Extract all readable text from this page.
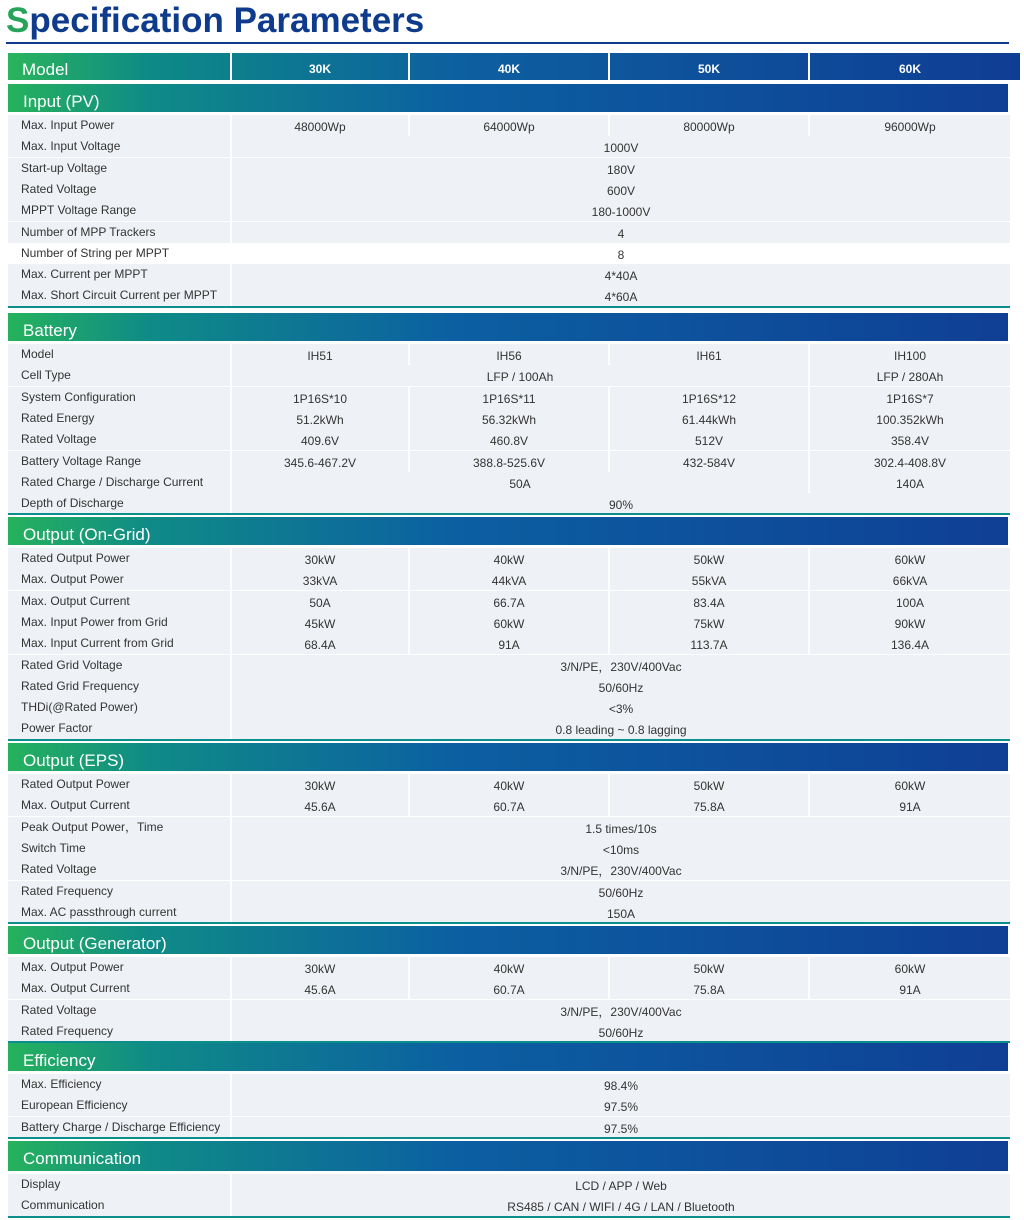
Specification Parameters
Model	30K	40K	50K	60K
Input (PV)
Max. Input Power	48000Wp	64000Wp	80000Wp	96000Wp
Max. Input Voltage	1000V
Start-up Voltage	180V
Rated Voltage	600V
MPPT Voltage Range	180-1000V
Number of MPP Trackers	4
Number of String per MPPT	8
Max. Current per MPPT	4*40A
Max. Short Circuit Current per MPPT	4*60A
Battery
Model	IH51	IH56	IH61	IH100
Cell Type	LFP / 100Ah	LFP / 280Ah
System Configuration	1P16S*10	1P16S*11	1P16S*12	1P16S*7
Rated Energy	51.2kWh	56.32kWh	61.44kWh	100.352kWh
Rated Voltage	409.6V	460.8V	512V	358.4V
Battery Voltage Range	345.6-467.2V	388.8-525.6V	432-584V	302.4-408.8V
Rated Charge / Discharge Current	50A	140A
Depth of Discharge	90%
Output (On-Grid)
Rated Output Power	30kW	40kW	50kW	60kW
Max. Output Power	33kVA	44kVA	55kVA	66kVA
Max. Output Current	50A	66.7A	83.4A	100A
Max. Input Power from Grid	45kW	60kW	75kW	90kW
Max. Input Current from Grid	68.4A	91A	113.7A	136.4A
Rated Grid Voltage	3/N/PE，230V/400Vac
Rated Grid Frequency	50/60Hz
THDi(@Rated Power)	<3%
Power Factor	0.8 leading ~ 0.8 lagging
Output (EPS)
Rated Output Power	30kW	40kW	50kW	60kW
Max. Output Current	45.6A	60.7A	75.8A	91A
Peak Output Power，Time	1.5 times/10s
Switch Time	<10ms
Rated Voltage	3/N/PE，230V/400Vac
Rated Frequency	50/60Hz
Max. AC passthrough current	150A
Output (Generator)
Max. Output Power	30kW	40kW	50kW	60kW
Max. Output Current	45.6A	60.7A	75.8A	91A
Rated Voltage	3/N/PE，230V/400Vac
Rated Frequency	50/60Hz
Efficiency
Max. Efficiency	98.4%
European Efficiency	97.5%
Battery Charge / Discharge Efficiency	97.5%
Communication
Display	LCD / APP / Web
Communication	RS485 / CAN / WIFI / 4G / LAN / Bluetooth
